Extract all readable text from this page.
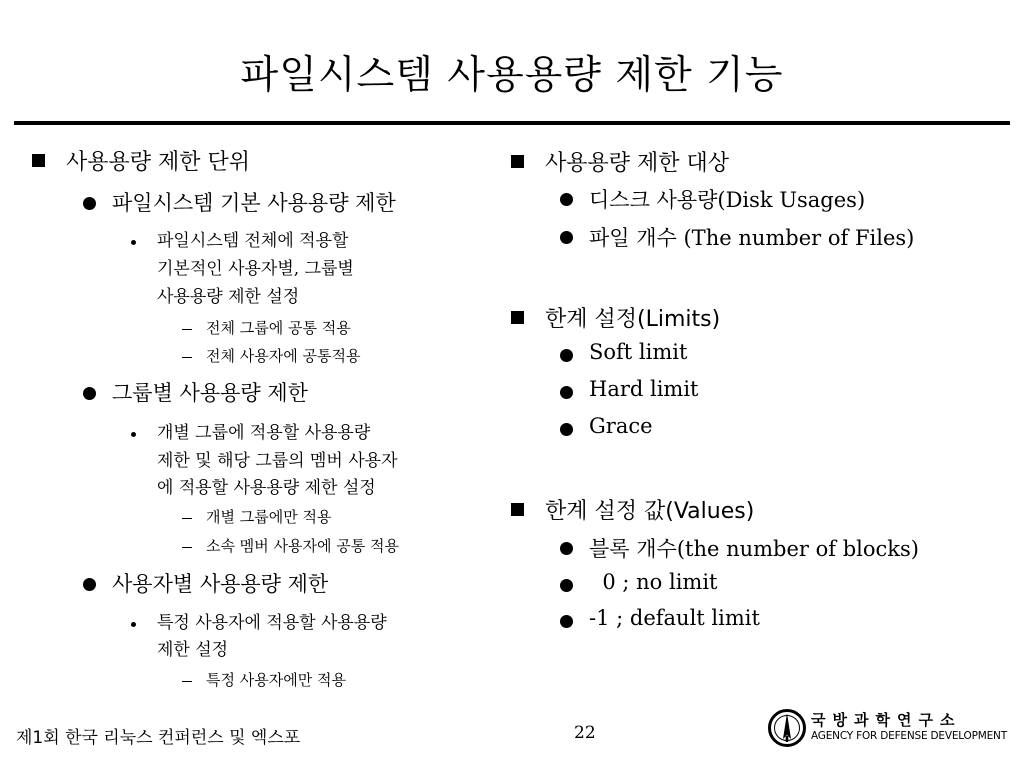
파일시스템 사용용량 제한 기능
사용용량 제한 단위
파일시스템 기본 사용용량 제한
파일시스템 전체에 적용할
기본적인 사용자별, 그룹별
사용용량 제한 설정
전체 그룹에 공통 적용
전체 사용자에 공통적용
그룹별 사용용량 제한
개별 그룹에 적용할 사용용량
제한 및 해당 그룹의 멤버 사용자
에 적용할 사용용량 제한 설정
개별 그룹에만 적용
소속 멤버 사용자에 공통 적용
사용자별 사용용량 제한
특정 사용자에 적용할 사용용량
제한 설정
특정 사용자에만 적용
사용용량 제한 대상
디스크 사용량(Disk Usages)
파일 개수 (The number of Files)
한계 설정(Limits)
Soft limit
Hard limit
Grace
한계 설정 값(Values)
블록 개수(the number of blocks)
0 ; no limit
-1 ; default limit
제1회 한국 리눅스 컨퍼런스 및 엑스포	22
국방과학연구소
AGENCY FOR DEFENSE DEVELOPMENT
